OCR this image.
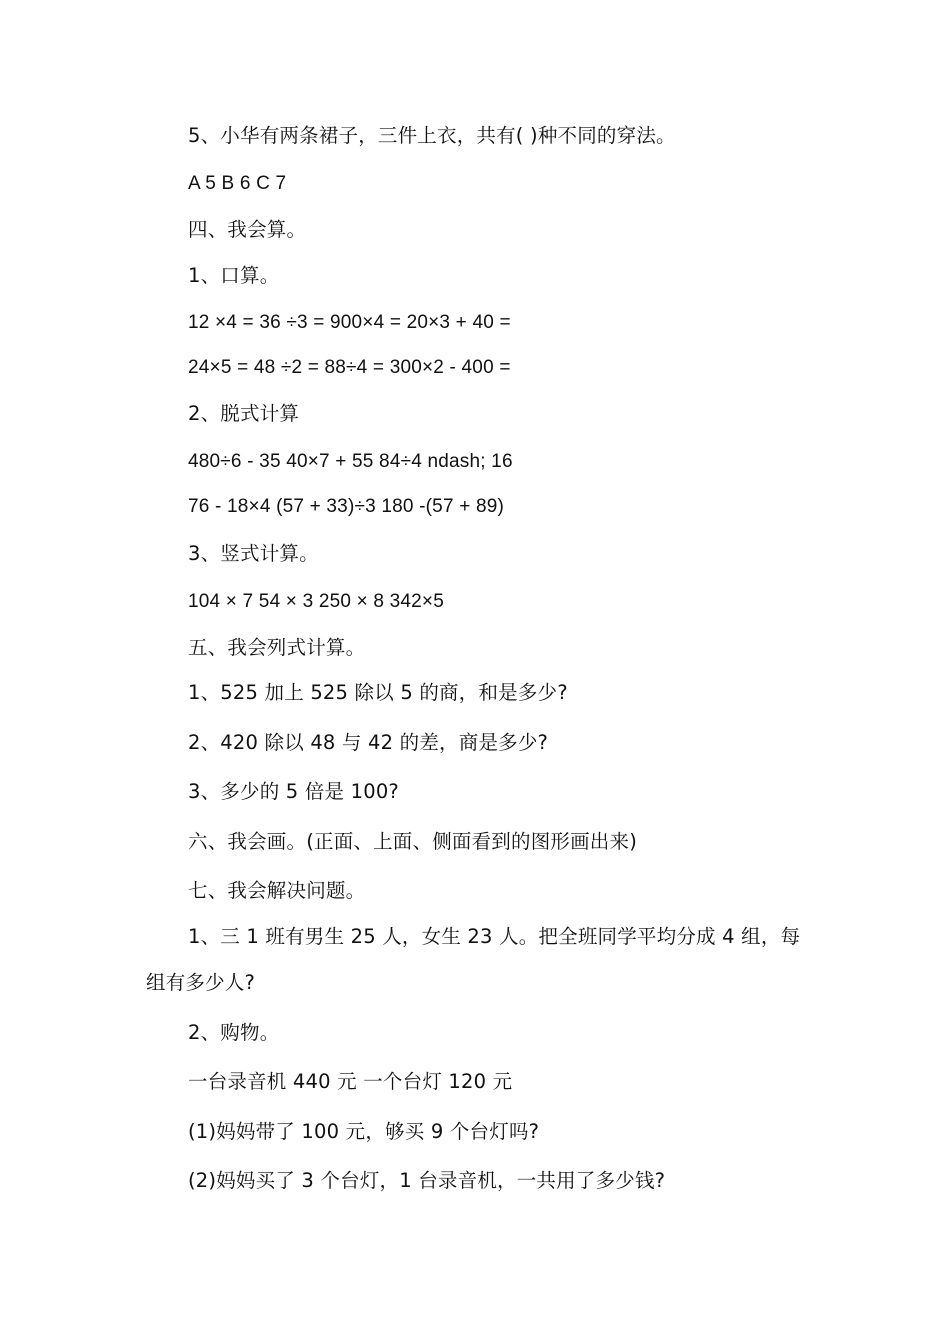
5、小华有两条裙子，三件上衣，共有( )种不同的穿法。
A 5 B 6 C 7
四、我会算。
1、口算。
12 ×4 = 36 ÷3 = 900×4 = 20×3 + 40 =
24×5 = 48 ÷2 = 88÷4 = 300×2 - 400 =
2、脱式计算
480÷6 - 35 40×7 + 55 84÷4 ndash; 16
76 - 18×4 (57 + 33)÷3 180 -(57 + 89)
3、竖式计算。
104 × 7 54 × 3 250 × 8 342×5
五、我会列式计算。
1、525 加上 525 除以 5 的商，和是多少?
2、420 除以 48 与 42 的差，商是多少?
3、多少的 5 倍是 100?
六、我会画。(正面、上面、侧面看到的图形画出来)
七、我会解决问题。
1、三 1 班有男生 25 人，女生 23 人。把全班同学平均分成 4 组，每
组有多少人?
2、购物。
一台录音机 440 元 一个台灯 120 元
(1)妈妈带了 100 元，够买 9 个台灯吗?
(2)妈妈买了 3 个台灯，1 台录音机，一共用了多少钱?
